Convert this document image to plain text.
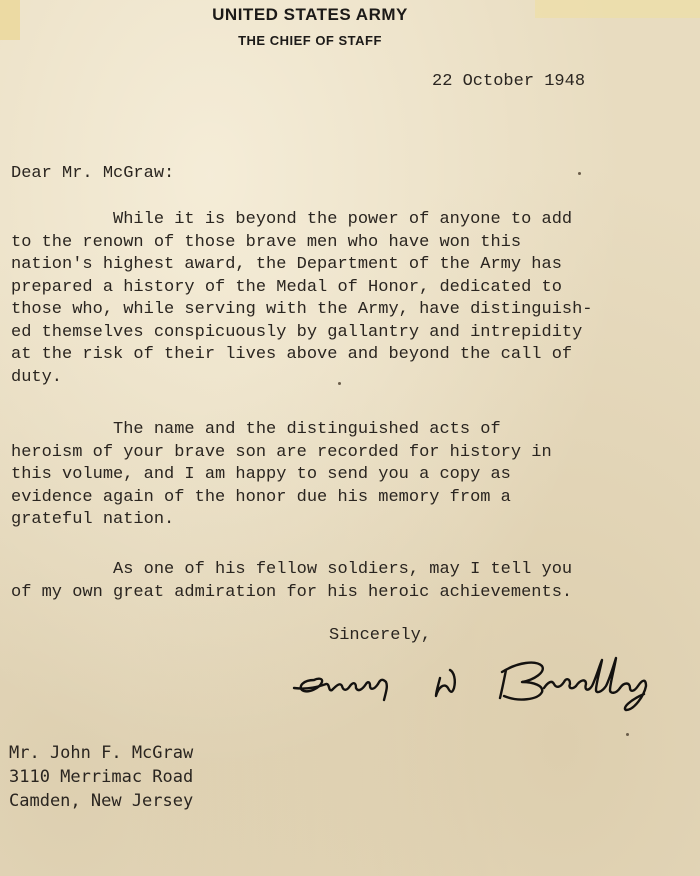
UNITED STATES ARMY
THE CHIEF OF STAFF
22 October 1948
Dear Mr. McGraw:

While it is beyond the power of anyone to add
to the renown of those brave men who have won this
nation's highest award, the Department of the Army has
prepared a history of the Medal of Honor, dedicated to
those who, while serving with the Army, have distinguish-
ed themselves conspicuously by gallantry and intrepidity
at the risk of their lives above and beyond the call of
duty.

The name and the distinguished acts of
heroism of your brave son are recorded for history in
this volume, and I am happy to send you a copy as
evidence again of the honor due his memory from a
grateful nation.

As one of his fellow soldiers, may I tell you
of my own great admiration for his heroic achievements.

Sincerely,
Mr. John F. McGraw
3110 Merrimac Road
Camden, New Jersey
